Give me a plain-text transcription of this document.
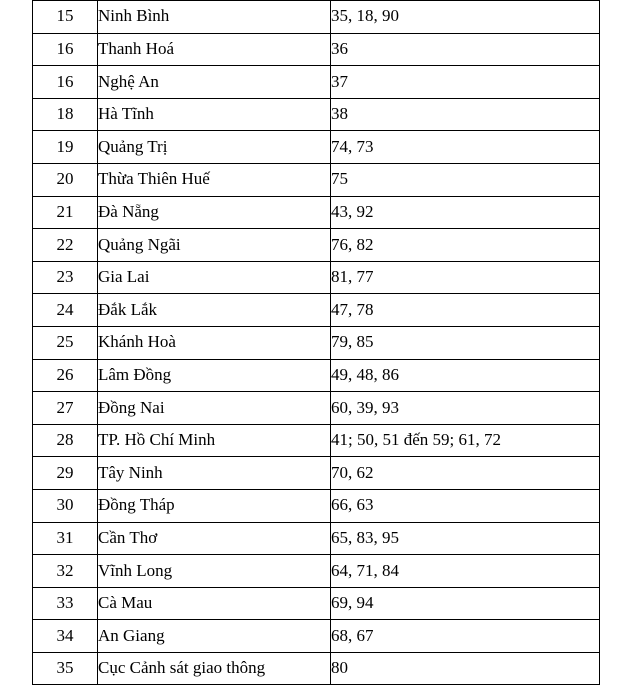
15	Ninh Bình	35, 18, 90
16	Thanh Hoá	36
16	Nghệ An	37
18	Hà Tĩnh	38
19	Quảng Trị	74, 73
20	Thừa Thiên Huế	75
21	Đà Nẵng	43, 92
22	Quảng Ngãi	76, 82
23	Gia Lai	81, 77
24	Đắk Lắk	47, 78
25	Khánh Hoà	79, 85
26	Lâm Đồng	49, 48, 86
27	Đồng Nai	60, 39, 93
28	TP. Hồ Chí Minh	41; 50, 51 đến 59; 61, 72
29	Tây Ninh	70, 62
30	Đồng Tháp	66, 63
31	Cần Thơ	65, 83, 95
32	Vĩnh Long	64, 71, 84
33	Cà Mau	69, 94
34	An Giang	68, 67
35	Cục Cảnh sát giao thông	80
